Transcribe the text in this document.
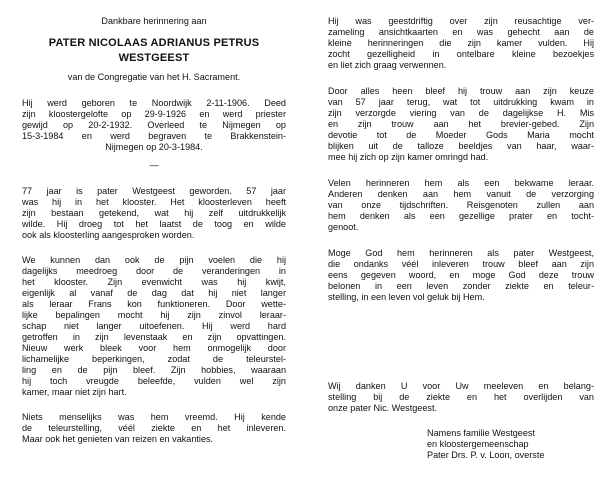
Dankbare herinnering aan
PATER NICOLAAS ADRIANUS PETRUS
WESTGEEST
van de Congregatie van het H. Sacrament.
Hij werd geboren te Noordwijk 2-11-1906. Deed
zijn kloostergelofte op 29-9-1926 en werd priester
gewijd op 20-2-1932. Overleed te Nijmegen op
15-3-1984 en werd begraven te Brakkenstein-
Nijmegen op 20-3-1984.
—
77 jaar is pater Westgeest geworden. 57 jaar
was hij in het klooster. Het kloosterleven heeft
zijn bestaan getekend, wat hij zelf uitdrukkelijk
wilde. Hij droeg tot het laatst de toog en wilde
ook als kloosterling aangesproken worden.
We kunnen dan ook de pijn voelen die hij
dagelijks meedroeg door de veranderingen in
het klooster. Zijn evenwicht was hij kwijt,
eigenlijk al vanaf de dag dat hij niet langer
als leraar Frans kon funktioneren. Door wette-
lijke bepalingen mocht hij zijn zinvol leraar-
schap niet langer uitoefenen. Hij werd hard
getroffen in zijn levenstaak en zijn opvattingen.
Nieuw werk bleek voor hem onmogelijk door
lichamelijke beperkingen, zodat de teleurstel-
ling en de pijn bleef. Zijn hobbies, waaraan
hij toch vreugde beleefde, vulden wel zijn
kamer, maar niet zijn hart.
Niets menselijks was hem vreemd. Hij kende
de teleurstelling, véél ziekte en het inleveren.
Maar ook het genieten van reizen en vakanties.
Hij was geestdriftig over zijn reusachtige ver-
zameling ansichtkaarten en was gehecht aan de
kleine herinneringen die zijn kamer vulden. Hij
zocht gezelligheid in ontelbare kleine bezoekjes
en liet zich graag verwennen.
Door alles heen bleef hij trouw aan zijn keuze
van 57 jaar terug, wat tot uitdrukking kwam in
zijn verzorgde viering van de dagelijkse H. Mis
en zijn trouw aan het brevier-gebed. Zijn
devotie tot de Moeder Gods Maria mocht
blijken uit de talloze beeldjes van haar, waar-
mee hij zich op zijn kamer omringd had.
Velen herinneren hem als een bekwame leraar.
Anderen denken aan hem vanuit de verzorging
van onze tijdschriften. Reisgenoten zullen aan
hem denken als een gezellige prater en tocht-
genoot.
Moge God hem herinneren als pater Westgeest,
die ondanks véél inleveren trouw bleef aan zijn
eens gegeven woord, en moge God deze trouw
belonen in een leven zonder ziekte en teleur-
stelling, in een leven vol geluk bij Hem.
Wij danken U voor Uw meeleven en belang-
stelling bij de ziekte en het overlijden van
onze pater Nic. Westgeest.
Namens familie Westgeest
en kloostergemeenschap
Pater Drs. P. v. Loon, overste
